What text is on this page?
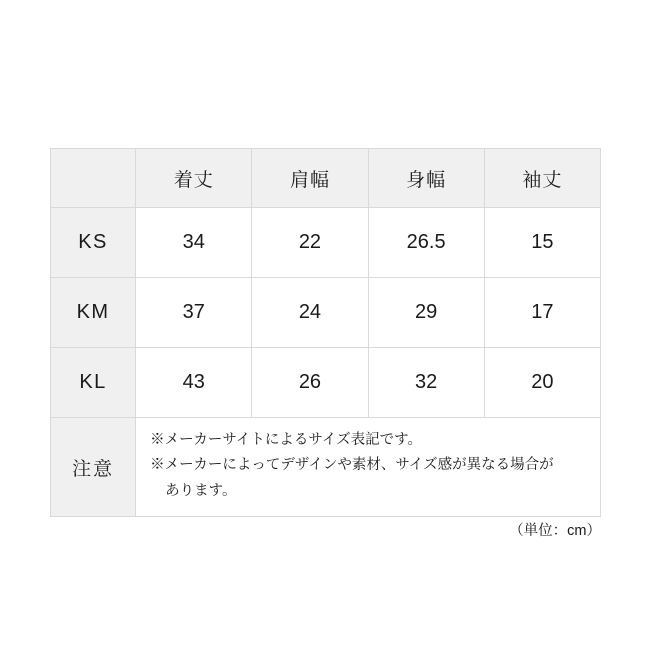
	着丈	肩幅	身幅	袖丈
KS	34	22	26.5	15
KM	37	24	29	17
KL	43	26	32	20
注意	※メーカーサイトによるサイズ表記です。
※メーカーによってデザインや素材、サイズ感が異なる場合が
あります。			
（単位：cm）
